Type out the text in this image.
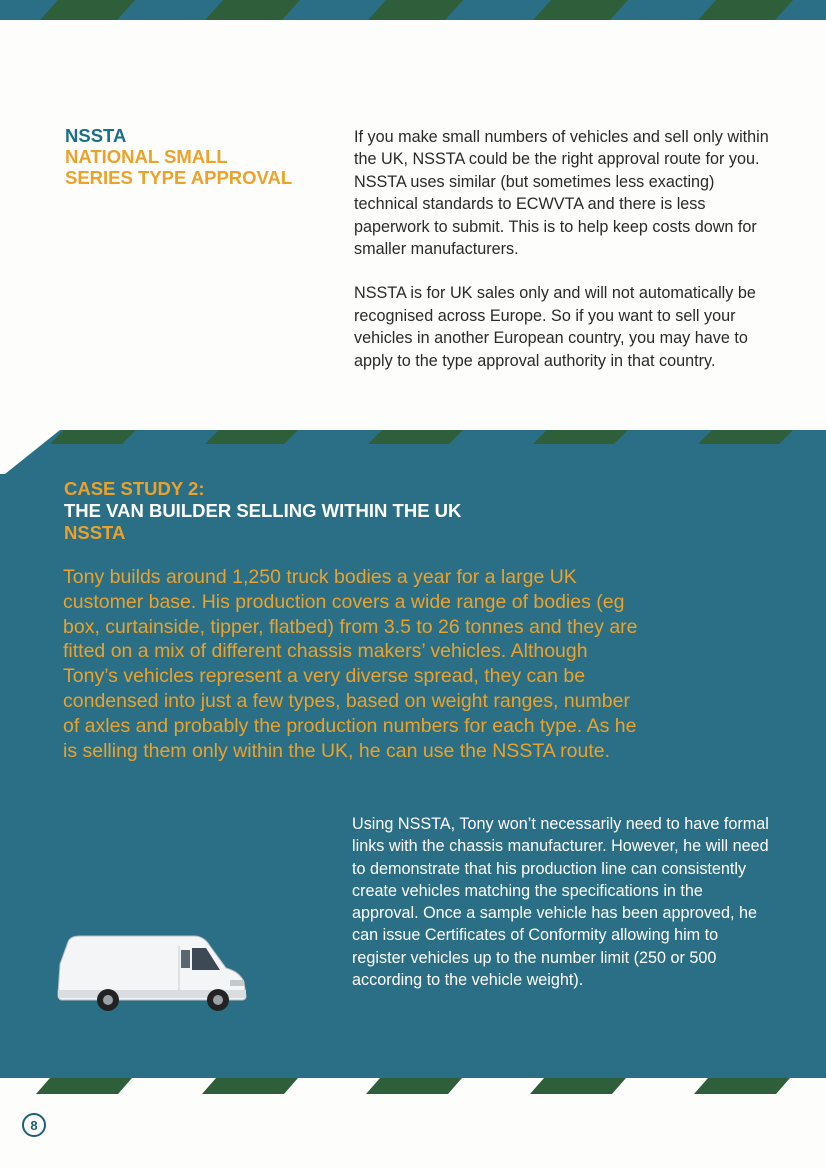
NSSTA
NATIONAL SMALL
SERIES TYPE APPROVAL

If you make small numbers of vehicles and sell only within the UK, NSSTA could be the right approval route for you. NSSTA uses similar (but sometimes less exacting) technical standards to ECWVTA and there is less paperwork to submit. This is to help keep costs down for smaller manufacturers.

NSSTA is for UK sales only and will not automatically be recognised across Europe. So if you want to sell your vehicles in another European country, you may have to apply to the type approval authority in that country.

CASE STUDY 2:
THE VAN BUILDER SELLING WITHIN THE UK
NSSTA

Tony builds around 1,250 truck bodies a year for a large UK customer base. His production covers a wide range of bodies (eg box, curtainside, tipper, flatbed) from 3.5 to 26 tonnes and they are fitted on a mix of different chassis makers’ vehicles. Although Tony’s vehicles represent a very diverse spread, they can be condensed into just a few types, based on weight ranges, number of axles and probably the production numbers for each type. As he is selling them only within the UK, he can use the NSSTA route.

Using NSSTA, Tony won’t necessarily need to have formal links with the chassis manufacturer. However, he will need to demonstrate that his production line can consistently create vehicles matching the specifications in the approval. Once a sample vehicle has been approved, he can issue Certificates of Conformity allowing him to register vehicles up to the number limit (250 or 500 according to the vehicle weight).

8
